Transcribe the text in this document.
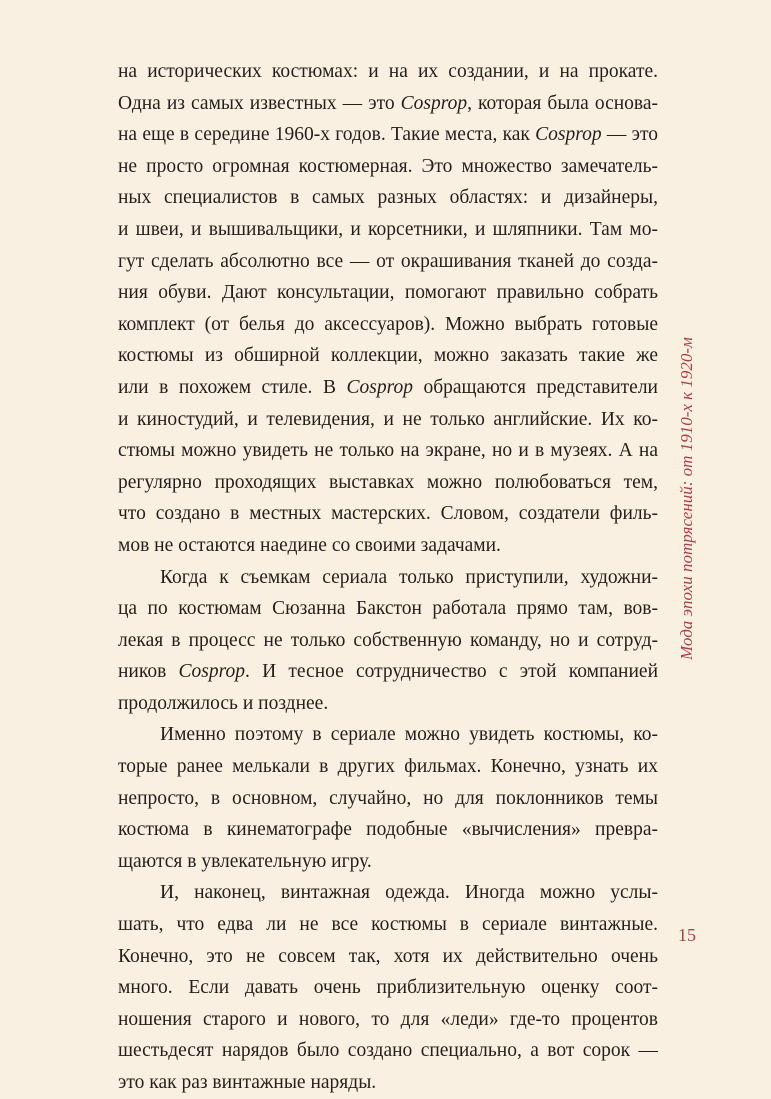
на исторических костюмах: и на их создании, и на прокате.
Одна из самых известных — это Cosprop, которая была основа-
на еще в середине 1960-х годов. Такие места, как Cosprop — это
не просто огромная костюмерная. Это множество замечатель-
ных специалистов в самых разных областях: и дизайнеры,
и швеи, и вышивальщики, и корсетники, и шляпники. Там мо-
гут сделать абсолютно все — от окрашивания тканей до созда-
ния обуви. Дают консультации, помогают правильно собрать
комплект (от белья до аксессуаров). Можно выбрать готовые
костюмы из обширной коллекции, можно заказать такие же
или в похожем стиле. В Cosprop обращаются представители
и киностудий, и телевидения, и не только английские. Их ко-
стюмы можно увидеть не только на экране, но и в музеях. А на
регулярно проходящих выставках можно полюбоваться тем,
что создано в местных мастерских. Словом, создатели филь-
мов не остаются наедине со своими задачами.
Когда к съемкам сериала только приступили, художни-
ца по костюмам Сюзанна Бакстон работала прямо там, вов-
лекая в процесс не только собственную команду, но и сотруд-
ников Cosprop. И тесное сотрудничество с этой компанией
продолжилось и позднее.
Именно поэтому в сериале можно увидеть костюмы, ко-
торые ранее мелькали в других фильмах. Конечно, узнать их
непросто, в основном, случайно, но для поклонников темы
костюма в кинематографе подобные «вычисления» превра-
щаются в увлекательную игру.
И, наконец, винтажная одежда. Иногда можно услы-
шать, что едва ли не все костюмы в сериале винтажные.
Конечно, это не совсем так, хотя их действительно очень
много. Если давать очень приблизительную оценку соот-
ношения старого и нового, то для «леди» где-то процентов
шестьдесят нарядов было создано специально, а вот сорок —
это как раз винтажные наряды.
Мода эпохи потрясений: от 1910-х к 1920-м
15
